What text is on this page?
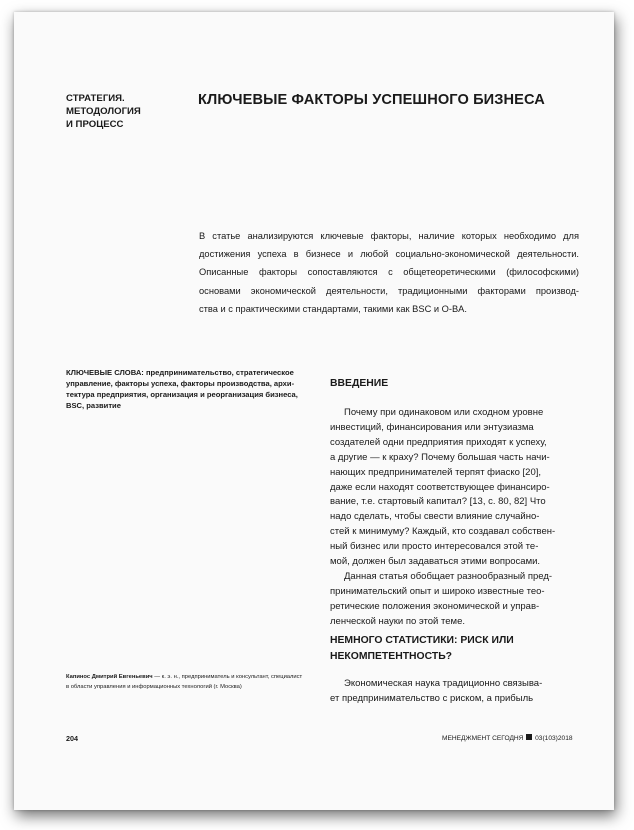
СТРАТЕГИЯ.
МЕТОДОЛОГИЯ
И ПРОЦЕСС
КЛЮЧЕВЫЕ ФАКТОРЫ УСПЕШНОГО БИЗНЕСА
В статье анализируются ключевые факторы, наличие которых необходимо для
достижения успеха в бизнесе и любой социально-экономической деятельности.
Описанные факторы сопоставляются с общетеоретическими (философскими)
основами экономической деятельности, традиционными факторами производ-
ства и с практическими стандартами, такими как BSC и O-BA.
КЛЮЧЕВЫЕ СЛОВА: предпринимательство, стратегическое
управление, факторы успеха, факторы производства, архи-
тектура предприятия, организация и реорганизация бизнеса,
BSC, развитие
ВВЕДЕНИЕ
Почему при одинаковом или сходном уровне
инвестиций, финансирования или энтузиазма
создателей одни предприятия приходят к успеху,
а другие — к краху? Почему большая часть начи-
нающих предпринимателей терпят фиаско [20],
даже если находят соответствующее финансиро-
вание, т.е. стартовый капитал? [13, с. 80, 82] Что
надо сделать, чтобы свести влияние случайно-
стей к минимуму? Каждый, кто создавал собствен-
ный бизнес или просто интересовался этой те-
мой, должен был задаваться этими вопросами.
Данная статья обобщает разнообразный пред-
принимательский опыт и широко известные тео-
ретические положения экономической и управ-
ленческой науки по этой теме.
НЕМНОГО СТАТИСТИКИ: РИСК ИЛИ
НЕКОМПЕТЕНТНОСТЬ?
Экономическая наука традиционно связыва-
ет предпринимательство с риском, а прибыль
Капинос Дмитрий Евгеньевич — к. э. н., предприниматель и консультант, специалист
в области управления и информационных технологий (г. Москва)
204	МЕНЕДЖМЕНТ СЕГОДНЯ 03(103)2018
